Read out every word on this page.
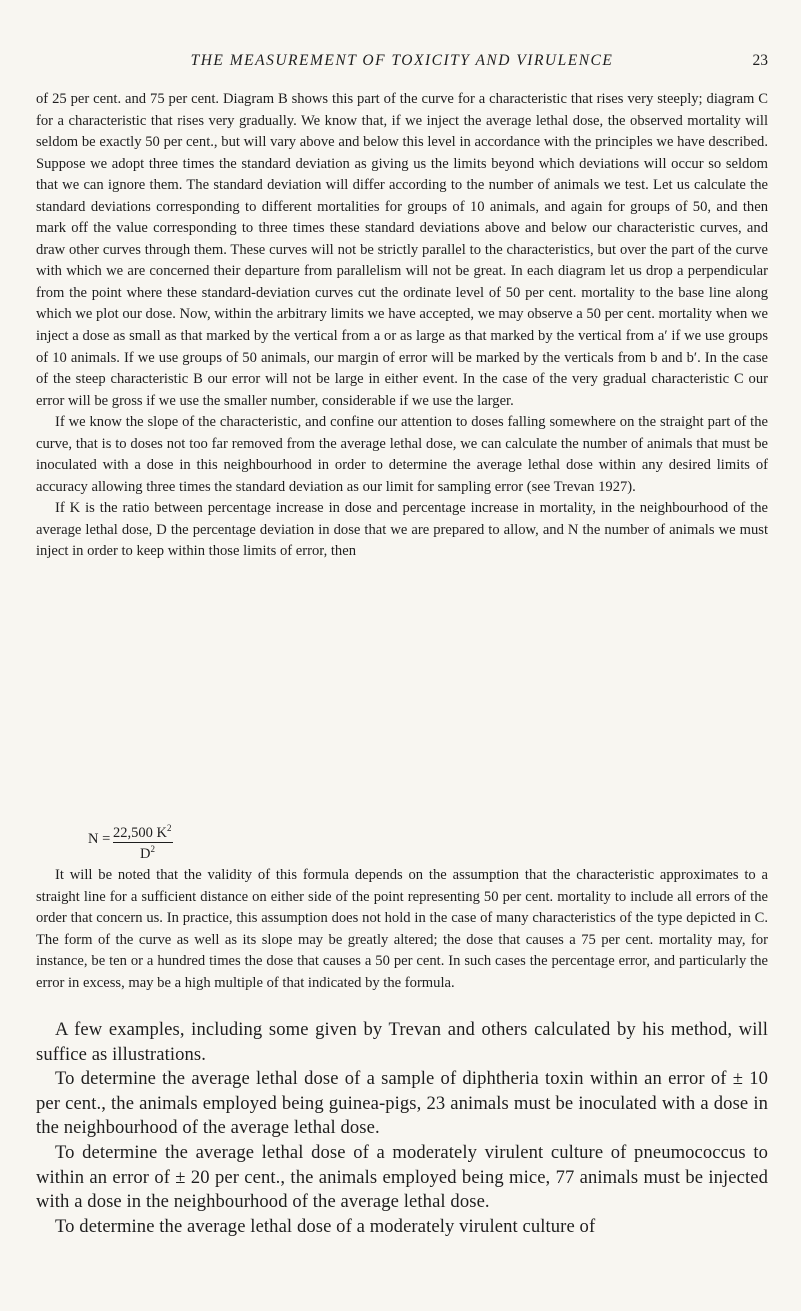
THE MEASUREMENT OF TOXICITY AND VIRULENCE	23

of 25 per cent. and 75 per cent. Diagram B shows this part of the curve for a characteristic that rises very steeply; diagram C for a characteristic that rises very gradually. We know that, if we inject the average lethal dose, the observed mortality will seldom be exactly 50 per cent., but will vary above and below this level in accordance with the principles we have described. Suppose we adopt three times the standard deviation as giving us the limits beyond which deviations will occur so seldom that we can ignore them. The standard deviation will differ according to the number of animals we test. Let us calculate the standard deviations corresponding to different mortalities for groups of 10 animals, and again for groups of 50, and then mark off the value corresponding to three times these standard deviations above and below our characteristic curves, and draw other curves through them. These curves will not be strictly parallel to the characteristics, but over the part of the curve with which we are concerned their departure from parallelism will not be great. In each diagram let us drop a perpendicular from the point where these standard-deviation curves cut the ordinate level of 50 per cent. mortality to the base line along which we plot our dose. Now, within the arbitrary limits we have accepted, we may observe a 50 per cent. mortality when we inject a dose as small as that marked by the vertical from a or as large as that marked by the vertical from a′ if we use groups of 10 animals. If we use groups of 50 animals, our margin of error will be marked by the verticals from b and b′. In the case of the steep characteristic B our error will not be large in either event. In the case of the very gradual characteristic C our error will be gross if we use the smaller number, considerable if we use the larger.

If we know the slope of the characteristic, and confine our attention to doses falling somewhere on the straight part of the curve, that is to doses not too far removed from the average lethal dose, we can calculate the number of animals that must be inoculated with a dose in this neighbourhood in order to determine the average lethal dose within any desired limits of accuracy allowing three times the standard deviation as our limit for sampling error (see Trevan 1927).

If K is the ratio between percentage increase in dose and percentage increase in mortality, in the neighbourhood of the average lethal dose, D the percentage deviation in dose that we are prepared to allow, and N the number of animals we must inject in order to keep within those limits of error, then

N = 22,500 $K^2$
$D^2$

It will be noted that the validity of this formula depends on the assumption that the characteristic approximates to a straight line for a sufficient distance on either side of the point representing 50 per cent. mortality to include all errors of the order that concern us. In practice, this assumption does not hold in the case of many characteristics of the type depicted in C. The form of the curve as well as its slope may be greatly altered; the dose that causes a 75 per cent. mortality may, for instance, be ten or a hundred times the dose that causes a 50 per cent. In such cases the percentage error, and particularly the error in excess, may be a high multiple of that indicated by the formula.

A few examples, including some given by Trevan and others calculated by his method, will suffice as illustrations.

To determine the average lethal dose of a sample of diphtheria toxin within an error of ± 10 per cent., the animals employed being guinea-pigs, 23 animals must be inoculated with a dose in the neighbourhood of the average lethal dose.

To determine the average lethal dose of a moderately virulent culture of pneumococcus to within an error of ± 20 per cent., the animals employed being mice, 77 animals must be injected with a dose in the neighbourhood of the average lethal dose.

To determine the average lethal dose of a moderately virulent culture of
